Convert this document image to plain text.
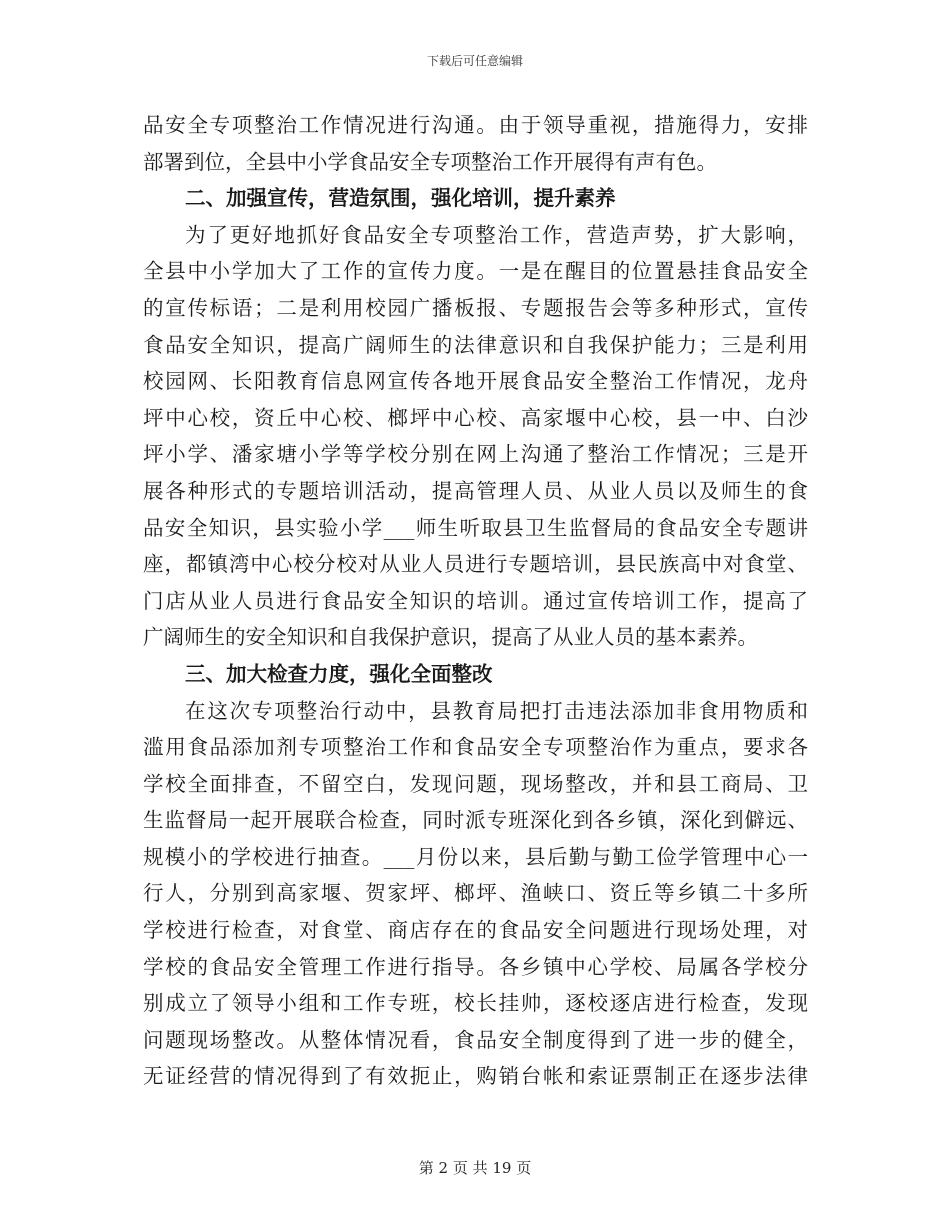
下载后可任意编辑
品安全专项整治工作情况进行沟通。由于领导重视，措施得力，安排
部署到位，全县中小学食品安全专项整治工作开展得有声有色。
二、加强宣传，营造氛围，强化培训，提升素养
为了更好地抓好食品安全专项整治工作，营造声势，扩大影响，
全县中小学加大了工作的宣传力度。一是在醒目的位置悬挂食品安全
的宣传标语；二是利用校园广播板报、专题报告会等多种形式，宣传
食品安全知识，提高广阔师生的法律意识和自我保护能力；三是利用
校园网、长阳教育信息网宣传各地开展食品安全整治工作情况，龙舟
坪中心校，资丘中心校、榔坪中心校、高家堰中心校，县一中、白沙
坪小学、潘家塘小学等学校分别在网上沟通了整治工作情况；三是开
展各种形式的专题培训活动，提高管理人员、从业人员以及师生的食
品安全知识，县实验小学___师生听取县卫生监督局的食品安全专题讲
座，都镇湾中心校分校对从业人员进行专题培训，县民族高中对食堂、
门店从业人员进行食品安全知识的培训。通过宣传培训工作，提高了
广阔师生的安全知识和自我保护意识，提高了从业人员的基本素养。
三、加大检查力度，强化全面整改
在这次专项整治行动中，县教育局把打击违法添加非食用物质和
滥用食品添加剂专项整治工作和食品安全专项整治作为重点，要求各
学校全面排查，不留空白，发现问题，现场整改，并和县工商局、卫
生监督局一起开展联合检查，同时派专班深化到各乡镇，深化到僻远、
规模小的学校进行抽查。___月份以来，县后勤与勤工俭学管理中心一
行人，分别到高家堰、贺家坪、榔坪、渔峡口、资丘等乡镇二十多所
学校进行检查，对食堂、商店存在的食品安全问题进行现场处理，对
学校的食品安全管理工作进行指导。各乡镇中心学校、局属各学校分
别成立了领导小组和工作专班，校长挂帅，逐校逐店进行检查，发现
问题现场整改。从整体情况看，食品安全制度得到了进一步的健全，
无证经营的情况得到了有效扼止，购销台帐和索证票制正在逐步法律
第 2 页 共 19 页
